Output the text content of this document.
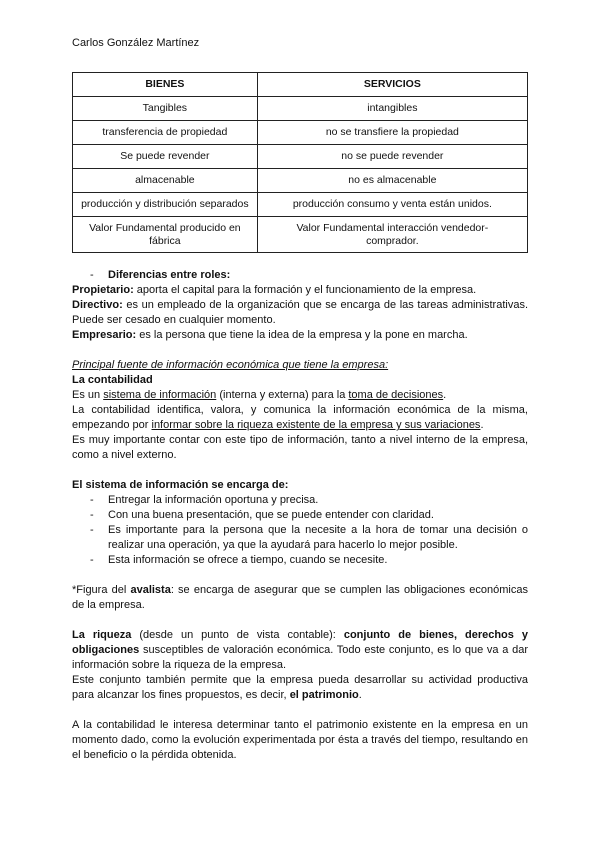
Carlos González Martínez
BIENES	SERVICIOS
Tangibles	intangibles
transferencia de propiedad	no se transfiere la propiedad
Se puede revender	no se puede revender
almacenable	no es almacenable
producción y distribución separados	producción consumo y venta están unidos.
Valor Fundamental producido en fábrica	Valor Fundamental interacción vendedor-comprador.
-	Diferencias entre roles:

Propietario: aporta el capital para la formación y el funcionamiento de la empresa.

Directivo: es un empleado de la organización que se encarga de las tareas administrativas. Puede ser cesado en cualquier momento.

Empresario: es la persona que tiene la idea de la empresa y la pone en marcha.

Principal fuente de información económica que tiene la empresa:

La contabilidad

Es un sistema de información (interna y externa) para la toma de decisiones.

La contabilidad identifica, valora, y comunica la información económica de la misma, empezando por informar sobre la riqueza existente de la empresa y sus variaciones.

Es muy importante contar con este tipo de información, tanto a nivel interno de la empresa, como a nivel externo.

El sistema de información se encarga de:

-	Entregar la información oportuna y precisa.
-	Con una buena presentación, que se puede entender con claridad.
-	Es importante para la persona que la necesite a la hora de tomar una decisión o realizar una operación, ya que la ayudará para hacerlo lo mejor posible.
-	Esta información se ofrece a tiempo, cuando se necesite.

*Figura del avalista: se encarga de asegurar que se cumplen las obligaciones económicas de la empresa.

La riqueza (desde un punto de vista contable): conjunto de bienes, derechos y obligaciones susceptibles de valoración económica. Todo este conjunto, es lo que va a dar información sobre la riqueza de la empresa.

Este conjunto también permite que la empresa pueda desarrollar su actividad productiva para alcanzar los fines propuestos, es decir, el patrimonio.

A la contabilidad le interesa determinar tanto el patrimonio existente en la empresa en un momento dado, como la evolución experimentada por ésta a través del tiempo, resultando en el beneficio o la pérdida obtenida.
